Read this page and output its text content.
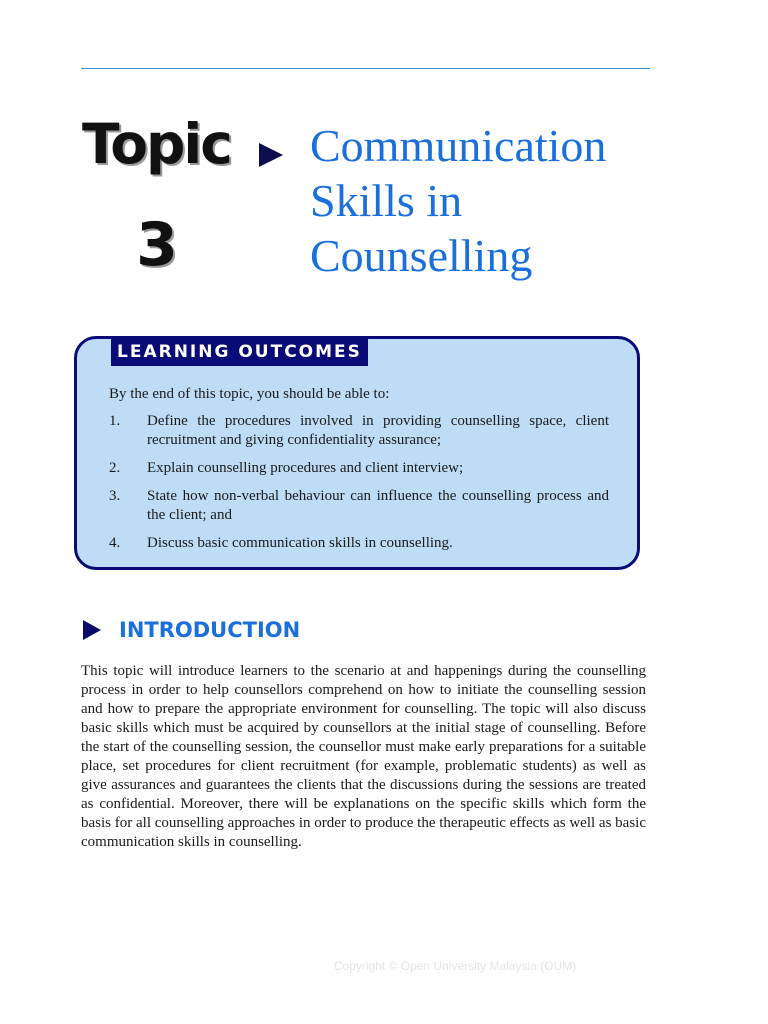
Topic
3
Communication
Skills in
Counselling
LEARNING OUTCOMES
By the end of this topic, you should be able to:
1. Define the procedures involved in providing counselling space, client recruitment and giving confidentiality assurance;
2. Explain counselling procedures and client interview;
3. State how non-verbal behaviour can influence the counselling process and the client; and
4. Discuss basic communication skills in counselling.
INTRODUCTION

This topic will introduce learners to the scenario at and happenings during the counselling process in order to help counsellors comprehend on how to initiate the counselling session and how to prepare the appropriate environment for counselling. The topic will also discuss basic skills which must be acquired by counsellors at the initial stage of counselling. Before the start of the counselling session, the counsellor must make early preparations for a suitable place, set procedures for client recruitment (for example, problematic students) as well as give assurances and guarantees the clients that the discussions during the sessions are treated as confidential. Moreover, there will be explanations on the specific skills which form the basis for all counselling approaches in order to produce the therapeutic effects as well as basic communication skills in counselling.

Copyright © Open University Malaysia (OUM)
